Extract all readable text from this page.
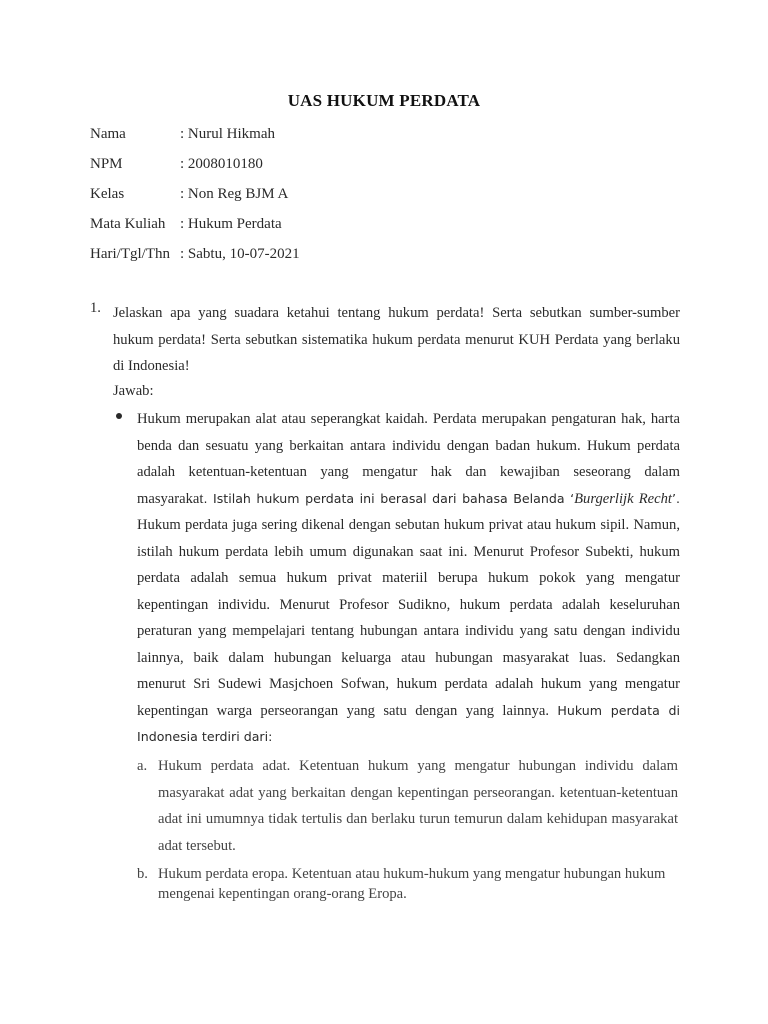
UAS HUKUM PERDATA
Nama	: Nurul Hikmah
NPM	: 2008010180
Kelas	: Non Reg BJM A
Mata Kuliah : Hukum Perdata
Hari/Tgl/Thn : Sabtu, 10-07-2021
1. Jelaskan apa yang suadara ketahui tentang hukum perdata! Serta sebutkan sumber-sumber hukum perdata! Serta sebutkan sistematika hukum perdata menurut KUH Perdata yang berlaku di Indonesia!

Jawab:
Hukum merupakan alat atau seperangkat kaidah. Perdata merupakan pengaturan hak, harta
benda dan sesuatu yang berkaitan antara individu dengan badan hukum. Hukum perdata
adalah ketentuan-ketentuan yang mengatur hak dan kewajiban seseorang dalam
masyarakat. Istilah hukum perdata ini berasal dari bahasa Belanda ‘Burgerlijk Recht’.
Hukum perdata juga sering dikenal dengan sebutan hukum privat atau hukum sipil. Namun,
istilah hukum perdata lebih umum digunakan saat ini. Menurut Profesor Subekti, hukum
perdata adalah semua hukum privat materiil berupa hukum pokok yang mengatur
kepentingan individu. Menurut Profesor Sudikno, hukum perdata adalah keseluruhan
peraturan yang mempelajari tentang hubungan antara individu yang satu dengan individu
lainnya, baik dalam hubungan keluarga atau hubungan masyarakat luas. Sedangkan
menurut Sri Sudewi Masjchoen Sofwan, hukum perdata adalah hukum yang mengatur
kepentingan warga perseorangan yang satu dengan yang lainnya. Hukum perdata di
Indonesia terdiri dari:
a. Hukum perdata adat. Ketentuan hukum yang mengatur hubungan individu dalam masyarakat adat yang berkaitan dengan kepentingan perseorangan. ketentuan-ketentuan adat ini umumnya tidak tertulis dan berlaku turun temurun dalam kehidupan masyarakat adat tersebut.

b. Hukum perdata eropa. Ketentuan atau hukum-hukum yang mengatur hubungan hukum mengenai kepentingan orang-orang Eropa.
